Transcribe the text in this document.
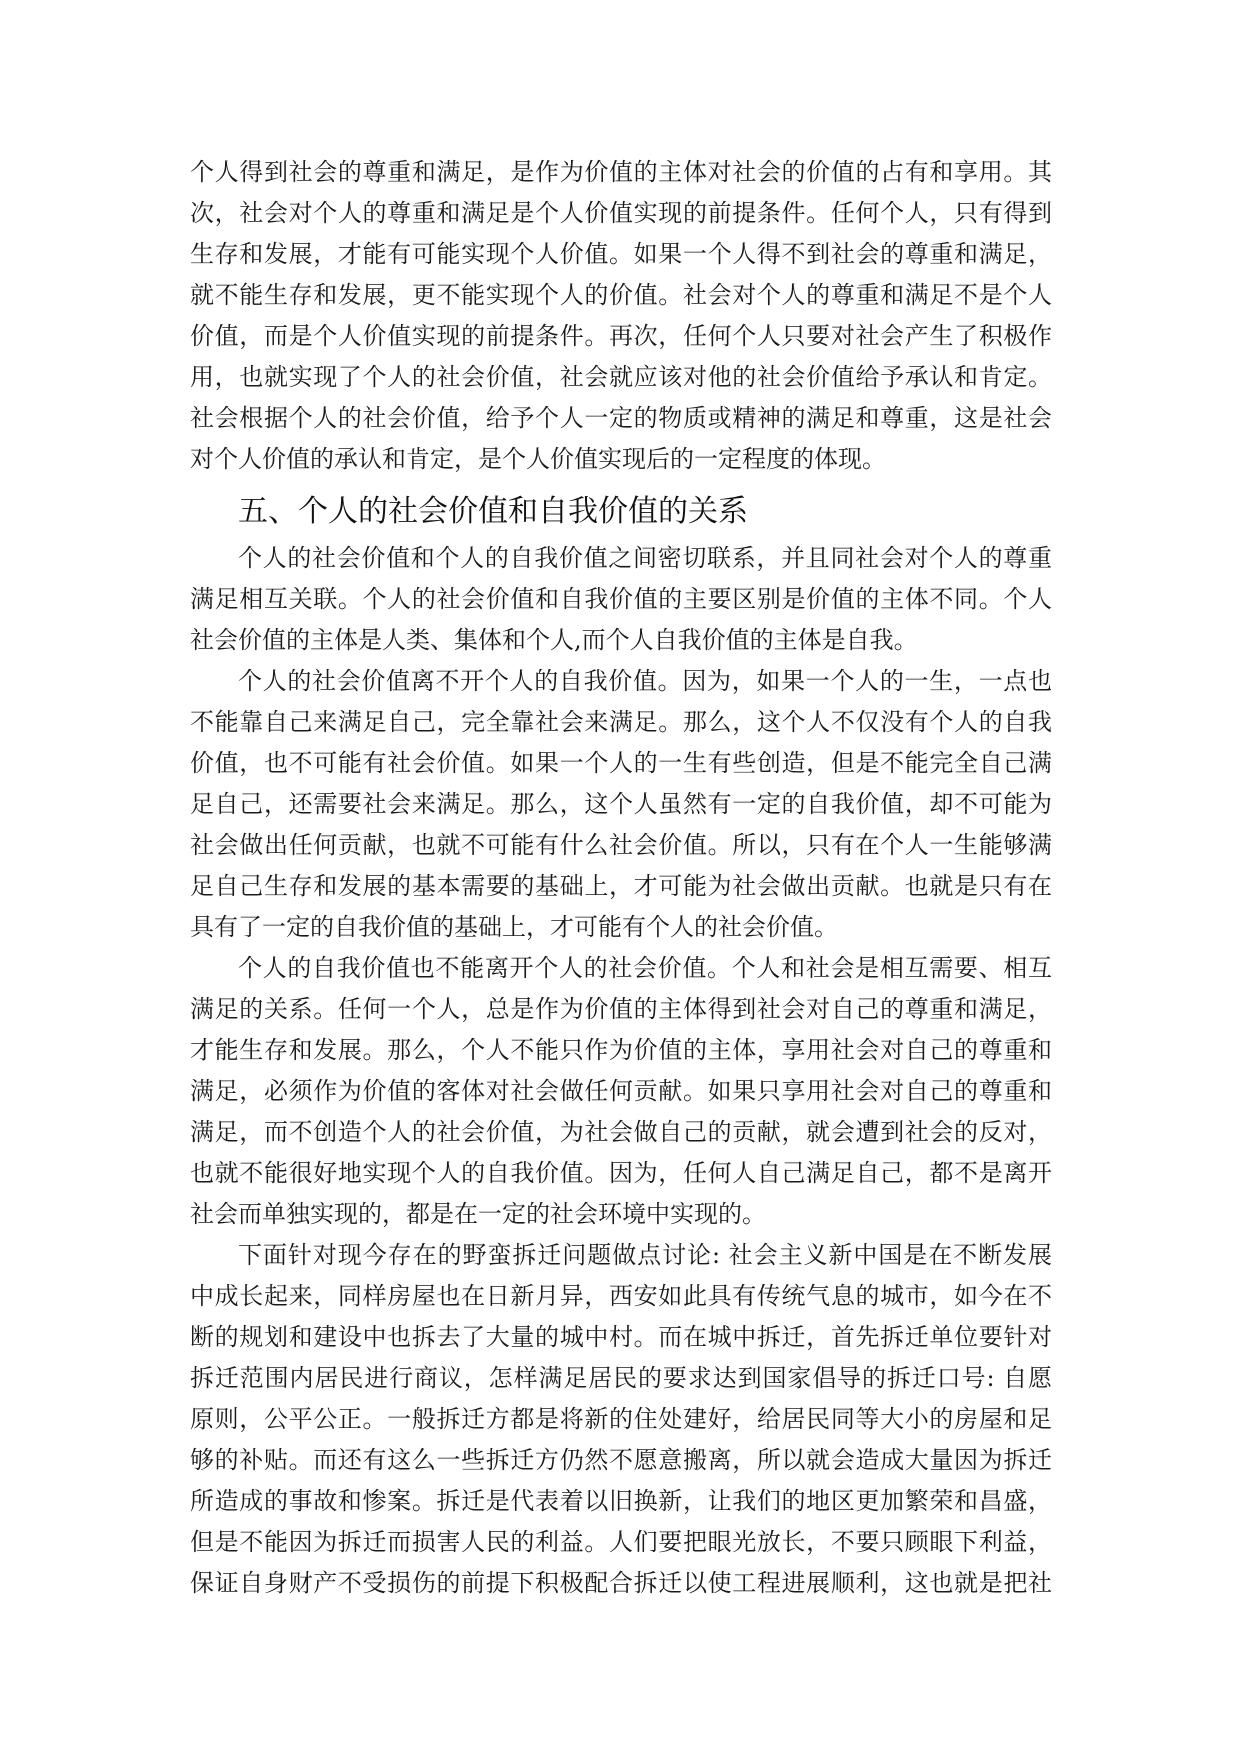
个人得到社会的尊重和满足，是作为价值的主体对社会的价值的占有和享用。其
次，社会对个人的尊重和满足是个人价值实现的前提条件。任何个人，只有得到
生存和发展，才能有可能实现个人价值。如果一个人得不到社会的尊重和满足，
就不能生存和发展，更不能实现个人的价值。社会对个人的尊重和满足不是个人
价值，而是个人价值实现的前提条件。再次，任何个人只要对社会产生了积极作
用，也就实现了个人的社会价值，社会就应该对他的社会价值给予承认和肯定。
社会根据个人的社会价值，给予个人一定的物质或精神的满足和尊重，这是社会
对个人价值的承认和肯定，是个人价值实现后的一定程度的体现。
五、个人的社会价值和自我价值的关系
个人的社会价值和个人的自我价值之间密切联系，并且同社会对个人的尊重
满足相互关联。个人的社会价值和自我价值的主要区别是价值的主体不同。个人
社会价值的主体是人类、集体和个人,而个人自我价值的主体是自我。
个人的社会价值离不开个人的自我价值。因为，如果一个人的一生，一点也
不能靠自己来满足自己，完全靠社会来满足。那么，这个人不仅没有个人的自我
价值，也不可能有社会价值。如果一个人的一生有些创造，但是不能完全自己满
足自己，还需要社会来满足。那么，这个人虽然有一定的自我价值，却不可能为
社会做出任何贡献，也就不可能有什么社会价值。所以，只有在个人一生能够满
足自己生存和发展的基本需要的基础上，才可能为社会做出贡献。也就是只有在
具有了一定的自我价值的基础上，才可能有个人的社会价值。
个人的自我价值也不能离开个人的社会价值。个人和社会是相互需要、相互
满足的关系。任何一个人，总是作为价值的主体得到社会对自己的尊重和满足，
才能生存和发展。那么，个人不能只作为价值的主体，享用社会对自己的尊重和
满足，必须作为价值的客体对社会做任何贡献。如果只享用社会对自己的尊重和
满足，而不创造个人的社会价值，为社会做自己的贡献，就会遭到社会的反对，
也就不能很好地实现个人的自我价值。因为，任何人自己满足自己，都不是离开
社会而单独实现的，都是在一定的社会环境中实现的。
下面针对现今存在的野蛮拆迁问题做点讨论: 社会主义新中国是在不断发展
中成长起来，同样房屋也在日新月异，西安如此具有传统气息的城市，如今在不
断的规划和建设中也拆去了大量的城中村。而在城中拆迁，首先拆迁单位要针对
拆迁范围内居民进行商议，怎样满足居民的要求达到国家倡导的拆迁口号: 自愿
原则，公平公正。一般拆迁方都是将新的住处建好，给居民同等大小的房屋和足
够的补贴。而还有这么一些拆迁方仍然不愿意搬离，所以就会造成大量因为拆迁
所造成的事故和惨案。拆迁是代表着以旧换新，让我们的地区更加繁荣和昌盛，
但是不能因为拆迁而损害人民的利益。人们要把眼光放长，不要只顾眼下利益，
保证自身财产不受损伤的前提下积极配合拆迁以使工程进展顺利，这也就是把社
